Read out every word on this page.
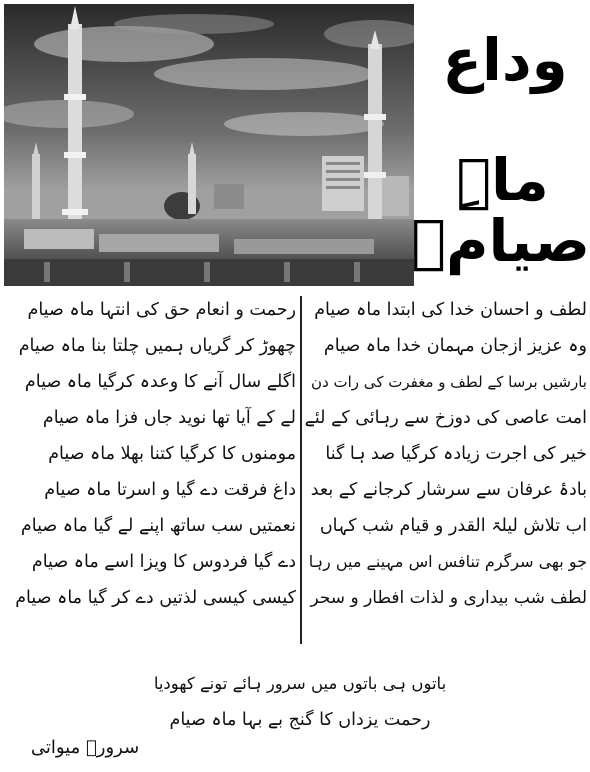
وداع
ماہِ صیامؔ
لطف و احسان خدا کی ابتدا ماہ صیام
وہ عزیز ازجان مہمان خدا ماہ صیام
بارشیں برسا کے لطف و مغفرت کی رات دن
امت عاصی کی دوزخ سے رہائی کے لئے
خیر کی اجرت زیادہ کرگیا صد ہا گنا
بادۂ عرفان سے سرشار کرجانے کے بعد
اب تلاش لیلۃ القدر و قیام شب کہاں
جو بھی سرگرم تنافس اس مہینے میں رہا
لطف شب بیداری و لذات افطار و سحر
رحمت و انعام حق کی انتہا ماہ صیام
چھوڑ کر گریاں ہمیں چلتا بنا ماہ صیام
اگلے سال آنے کا وعدہ کرگیا ماہ صیام
لے کے آیا تھا نوید جاں فزا ماہ صیام
مومنوں کا کرگیا کتنا بھلا ماہ صیام
داغ فرقت دے گیا و اسرتا ماہ صیام
نعمتیں سب ساتھ اپنے لے گیا ماہ صیام
دے گیا فردوس کا ویزا اسے ماہ صیام
کیسی کیسی لذتیں دے کر گیا ماہ صیام
باتوں ہی باتوں میں سرور ہائے تونے کھودیا
رحمت یزداں کا گنج بے بہا ماہ صیام
سرورؔ میواتی
